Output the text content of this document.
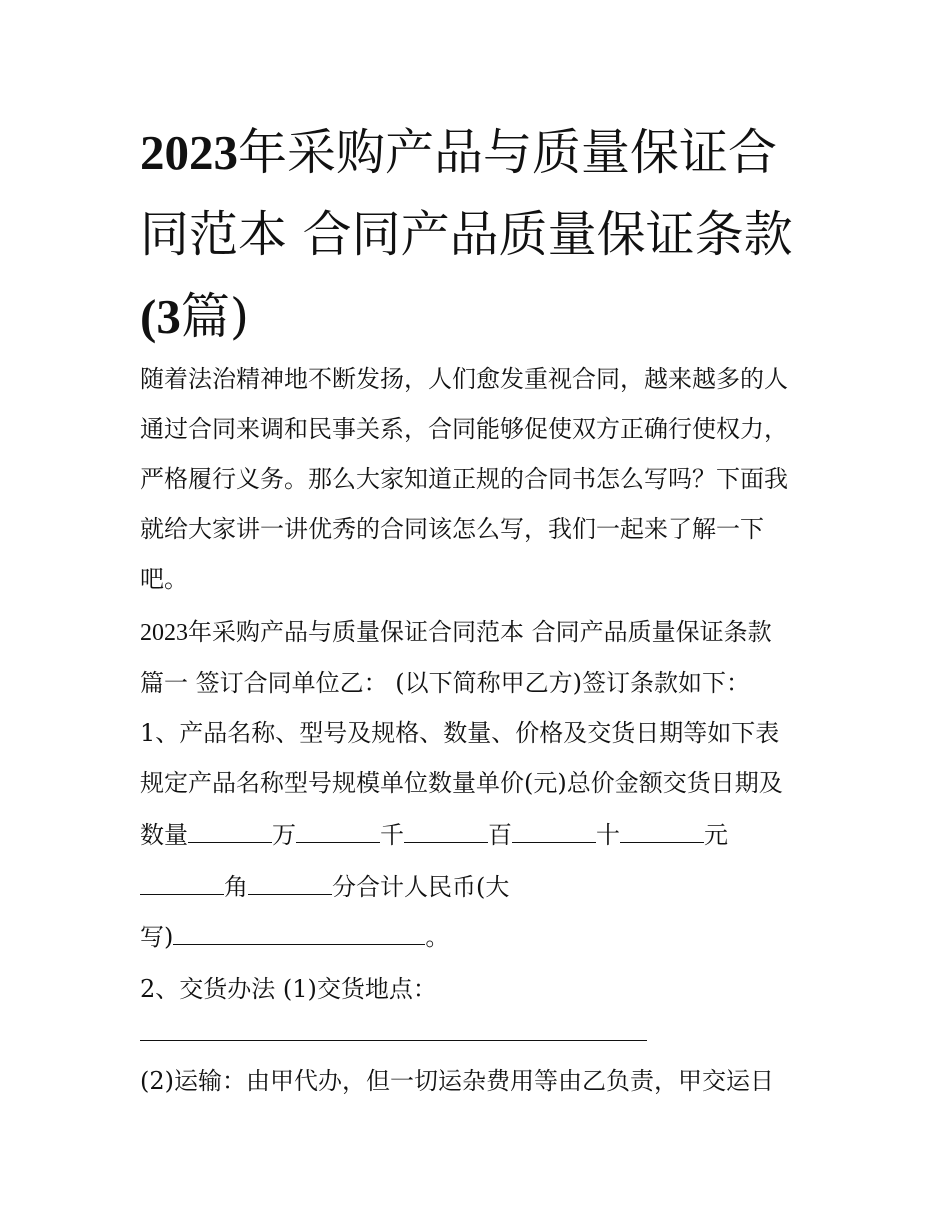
2023年采购产品与质量保证合
同范本 合同产品质量保证条款
(3篇)

随着法治精神地不断发扬，人们愈发重视合同，越来越多的人

通过合同来调和民事关系，合同能够促使双方正确行使权力，

严格履行义务。那么大家知道正规的合同书怎么写吗？下面我

就给大家讲一讲优秀的合同该怎么写，我们一起来了解一下

吧。

2023年采购产品与质量保证合同范本 合同产品质量保证条款

篇一 签订合同单位乙： (以下简称甲乙方)签订条款如下：

1、产品名称、型号及规格、数量、价格及交货日期等如下表

规定产品名称型号规模单位数量单价(元)总价金额交货日期及

数量	万	千	百	十	元

角	分合计人民币(大

写)	。

2、交货办法 (1)交货地点：

(2)运输：由甲代办，但一切运杂费用等由乙负责，甲交运日
